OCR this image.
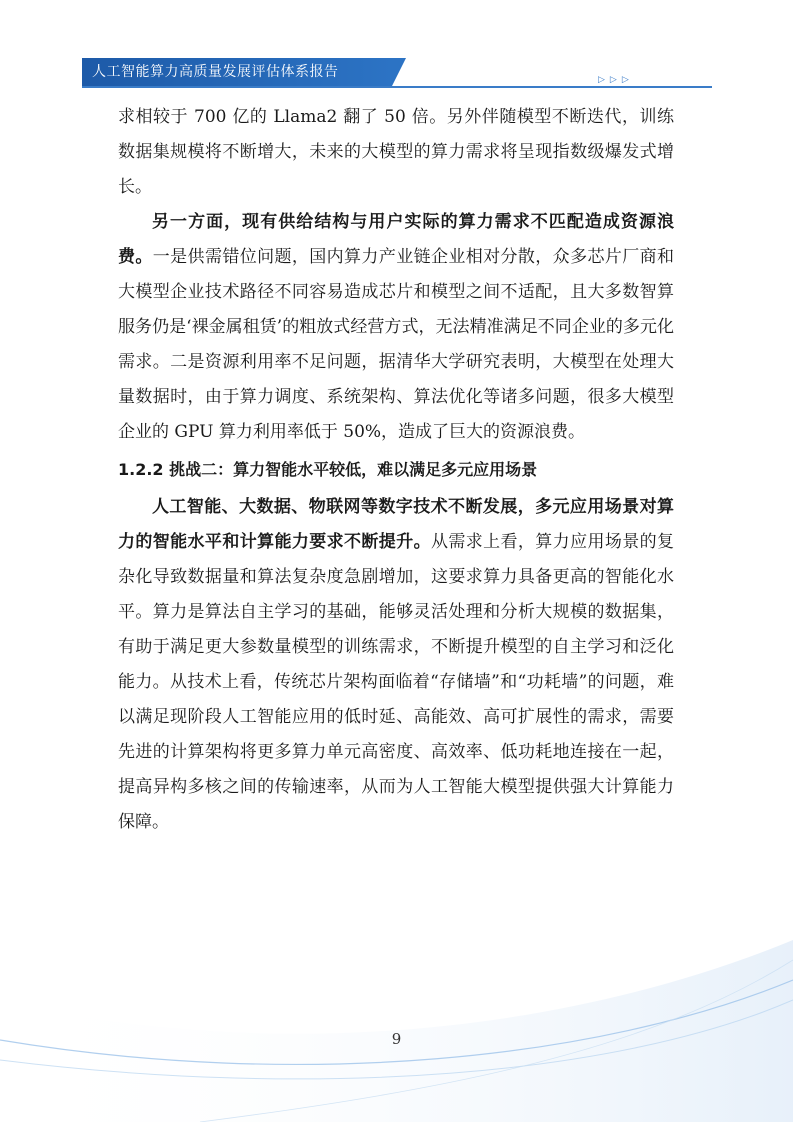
人工智能算力高质量发展评估体系报告	▷▷▷

求相较于 700 亿的 Llama2 翻了 50 倍。另外伴随模型不断迭代，训练数据集规模将不断增大，未来的大模型的算力需求将呈现指数级爆发式增长。

另一方面，现有供给结构与用户实际的算力需求不匹配造成资源浪费。一是供需错位问题，国内算力产业链企业相对分散，众多芯片厂商和大模型企业技术路径不同容易造成芯片和模型之间不适配，且大多数智算服务仍是‘裸金属租赁’的粗放式经营方式，无法精准满足不同企业的多元化需求。二是资源利用率不足问题，据清华大学研究表明，大模型在处理大量数据时，由于算力调度、系统架构、算法优化等诸多问题，很多大模型企业的 GPU 算力利用率低于 50%，造成了巨大的资源浪费。

1.2.2 挑战二：算力智能水平较低，难以满足多元应用场景

人工智能、大数据、物联网等数字技术不断发展，多元应用场景对算力的智能水平和计算能力要求不断提升。从需求上看，算力应用场景的复杂化导致数据量和算法复杂度急剧增加，这要求算力具备更高的智能化水平。算力是算法自主学习的基础，能够灵活处理和分析大规模的数据集，有助于满足更大参数量模型的训练需求，不断提升模型的自主学习和泛化能力。从技术上看，传统芯片架构面临着“存储墙”和“功耗墙”的问题，难以满足现阶段人工智能应用的低时延、高能效、高可扩展性的需求，需要先进的计算架构将更多算力单元高密度、高效率、低功耗地连接在一起，提高异构多核之间的传输速率，从而为人工智能大模型提供强大计算能力保障。

9
